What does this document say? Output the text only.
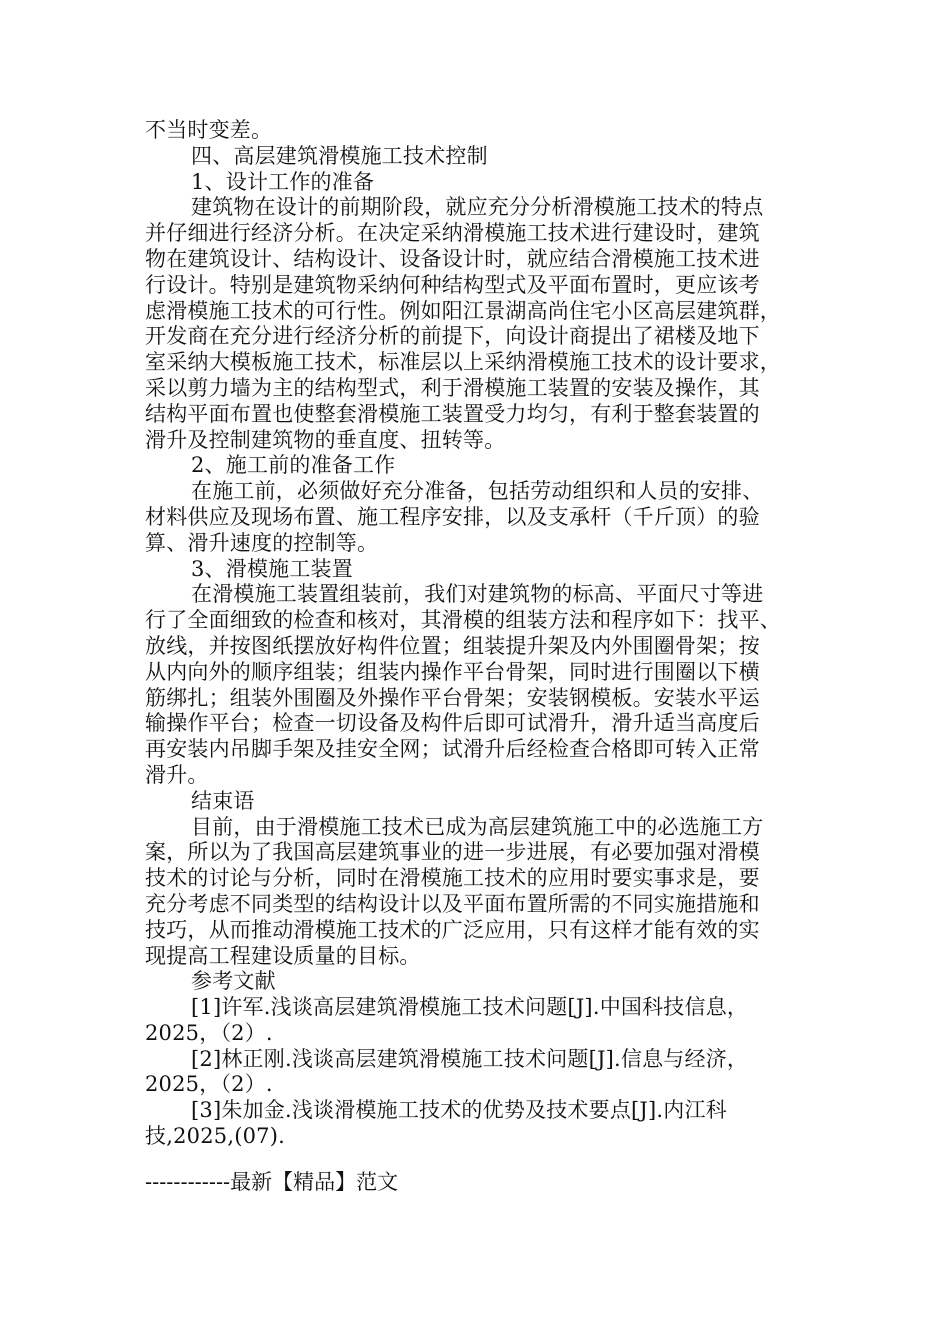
不当时变差。
四、高层建筑滑模施工技术控制
1、设计工作的准备
建筑物在设计的前期阶段，就应充分分析滑模施工技术的特点
并仔细进行经济分析。在决定采纳滑模施工技术进行建设时，建筑
物在建筑设计、结构设计、设备设计时，就应结合滑模施工技术进
行设计。特别是建筑物采纳何种结构型式及平面布置时，更应该考
虑滑模施工技术的可行性。例如阳江景湖高尚住宅小区高层建筑群，
开发商在充分进行经济分析的前提下，向设计商提出了裙楼及地下
室采纳大模板施工技术，标准层以上采纳滑模施工技术的设计要求，
采以剪力墙为主的结构型式，利于滑模施工装置的安装及操作，其
结构平面布置也使整套滑模施工装置受力均匀，有利于整套装置的
滑升及控制建筑物的垂直度、扭转等。
2、施工前的准备工作
在施工前，必须做好充分准备，包括劳动组织和人员的安排、
材料供应及现场布置、施工程序安排，以及支承杆（千斤顶）的验
算、滑升速度的控制等。
3、滑模施工装置
在滑模施工装置组装前，我们对建筑物的标高、平面尺寸等进
行了全面细致的检查和核对，其滑模的组装方法和程序如下：找平、
放线，并按图纸摆放好构件位置；组装提升架及内外围圈骨架；按
从内向外的顺序组装；组装内操作平台骨架，同时进行围圈以下横
筋绑扎；组装外围圈及外操作平台骨架；安装钢模板。安装水平运
输操作平台；检查一切设备及构件后即可试滑升，滑升适当高度后
再安装内吊脚手架及挂安全网；试滑升后经检查合格即可转入正常
滑升。
结束语
目前，由于滑模施工技术已成为高层建筑施工中的必选施工方
案，所以为了我国高层建筑事业的进一步进展，有必要加强对滑模
技术的讨论与分析，同时在滑模施工技术的应用时要实事求是，要
充分考虑不同类型的结构设计以及平面布置所需的不同实施措施和
技巧，从而推动滑模施工技术的广泛应用，只有这样才能有效的实
现提高工程建设质量的目标。
参考文献
[1]许军.浅谈高层建筑滑模施工技术问题[J].中国科技信息，
2025，（2）.
[2]林正刚.浅谈高层建筑滑模施工技术问题[J].信息与经济，
2025，（2）.
[3]朱加金.浅谈滑模施工技术的优势及技术要点[J].内江科
技,2025,(07).
------------最新【精品】范文
